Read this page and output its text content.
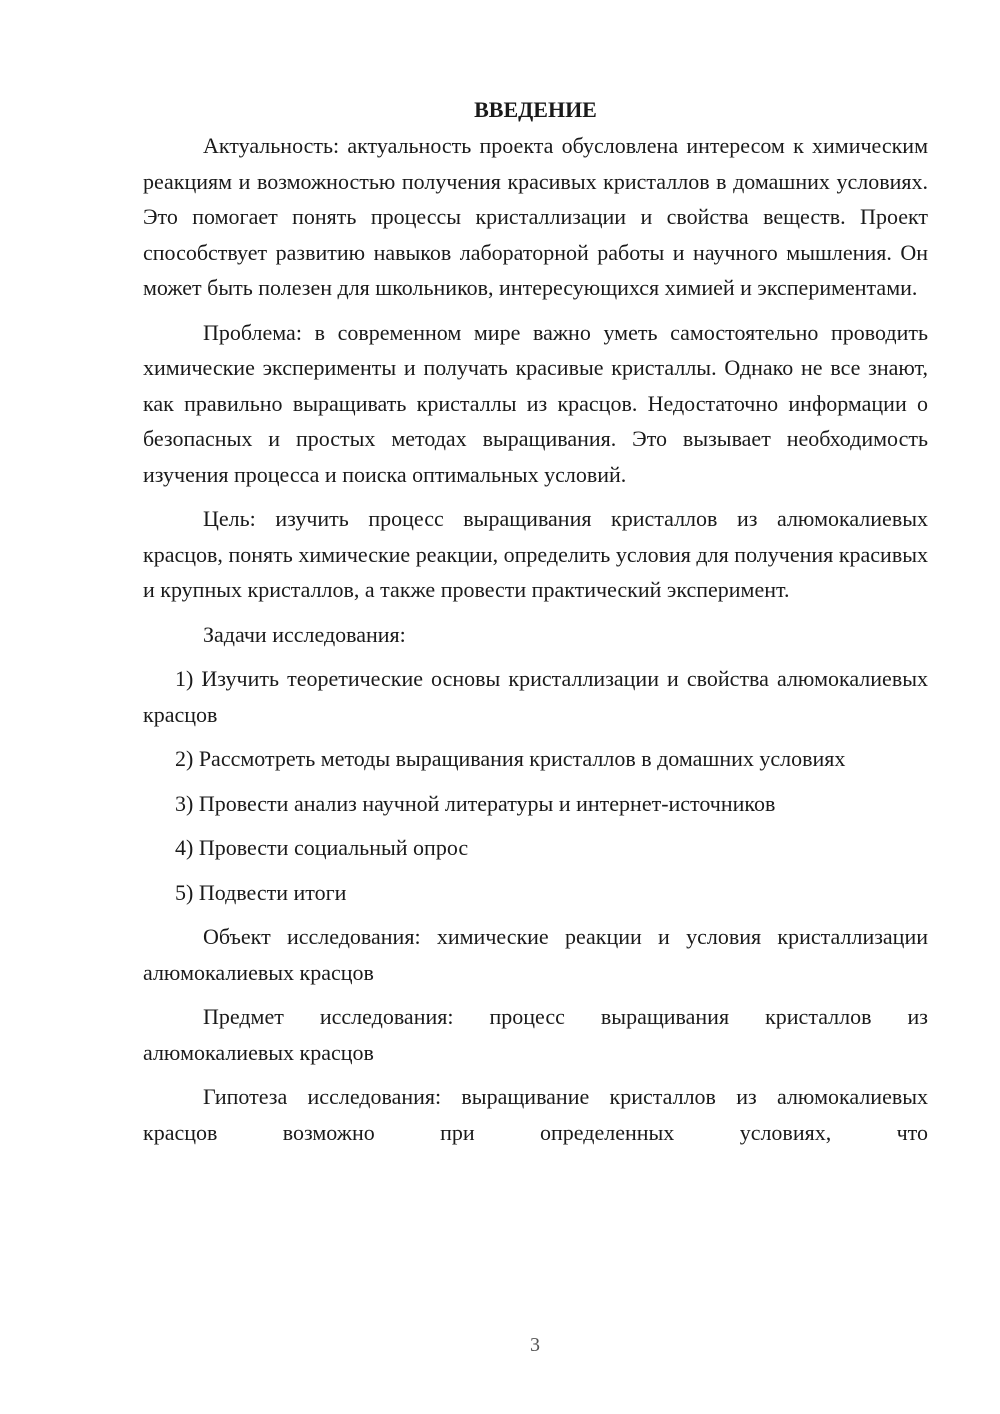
ВВЕДЕНИЕ

Актуальность: актуальность проекта обусловлена интересом к химическим реакциям и возможностью получения красивых кристаллов в домашних условиях. Это помогает понять процессы кристаллизации и свойства веществ. Проект способствует развитию навыков лабораторной работы и научного мышления. Он может быть полезен для школьников, интересующихся химией и экспериментами.

Проблема: в современном мире важно уметь самостоятельно проводить химические эксперименты и получать красивые кристаллы. Однако не все знают, как правильно выращивать кристаллы из красцов. Недостаточно информации о безопасных и простых методах выращивания. Это вызывает необходимость изучения процесса и поиска оптимальных условий.

Цель: изучить процесс выращивания кристаллов из алюмокалиевых красцов, понять химические реакции, определить условия для получения красивых и крупных кристаллов, а также провести практический эксперимент.

Задачи исследования:

1) Изучить теоретические основы кристаллизации и свойства алюмокалиевых красцов

2) Рассмотреть методы выращивания кристаллов в домашних условиях

3) Провести анализ научной литературы и интернет-источников

4) Провести социальный опрос

5) Подвести итоги

Объект исследования: химические реакции и условия кристаллизации алюмокалиевых красцов

Предмет исследования: процесс выращивания кристаллов из алюмокалиевых красцов

Гипотеза исследования: выращивание кристаллов из алюмокалиевых красцов возможно при определенных условиях, что

3
